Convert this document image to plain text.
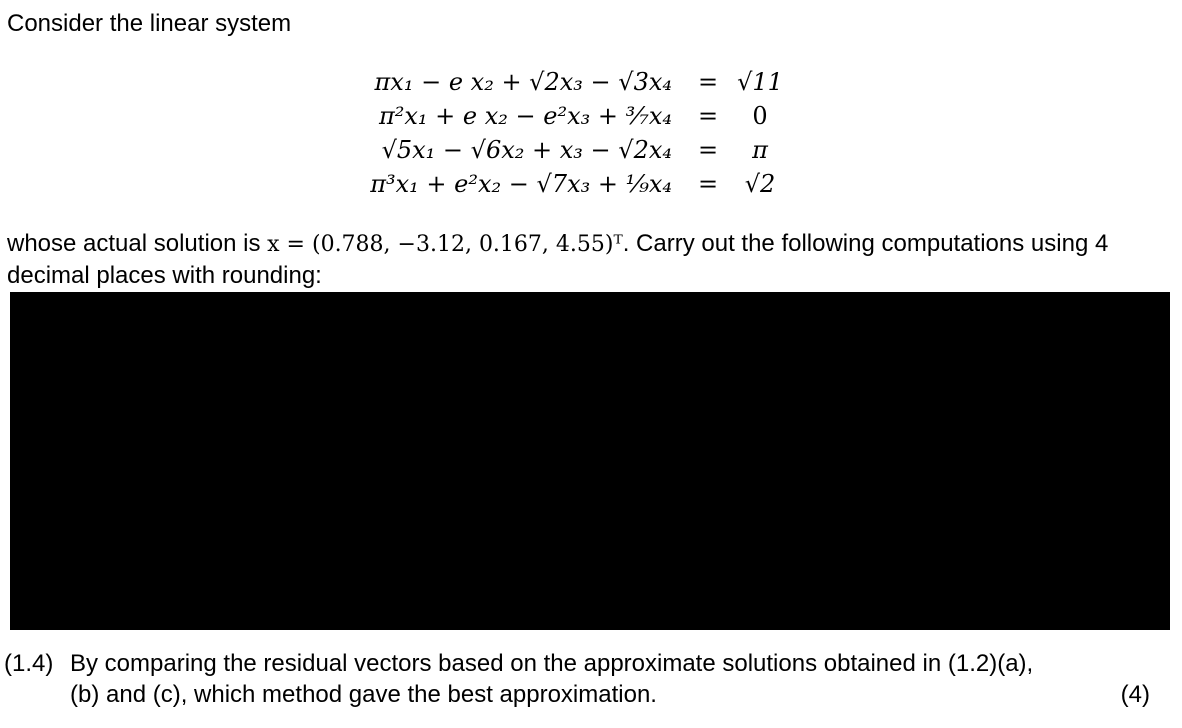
Consider the linear system

πx₁ − e x₂ + √2x₃ − √3x₄ = √11
π²x₁ + e x₂ − e²x₃ + ³⁄₇x₄ =	0
√5x₁ − √6x₂ + x₃ − √2x₄ =	π
π³x₁ + e²x₂ − √7x₃ + ¹⁄₉x₄ =	√2

whose actual solution is x = (0.788, −3.12, 0.167, 4.55)ᵀ. Carry out the following computations using 4 decimal places with rounding:

(1.4) By comparing the residual vectors based on the approximate solutions obtained in (1.2)(a),
(b) and (c), which method gave the best approximation.	(4)
